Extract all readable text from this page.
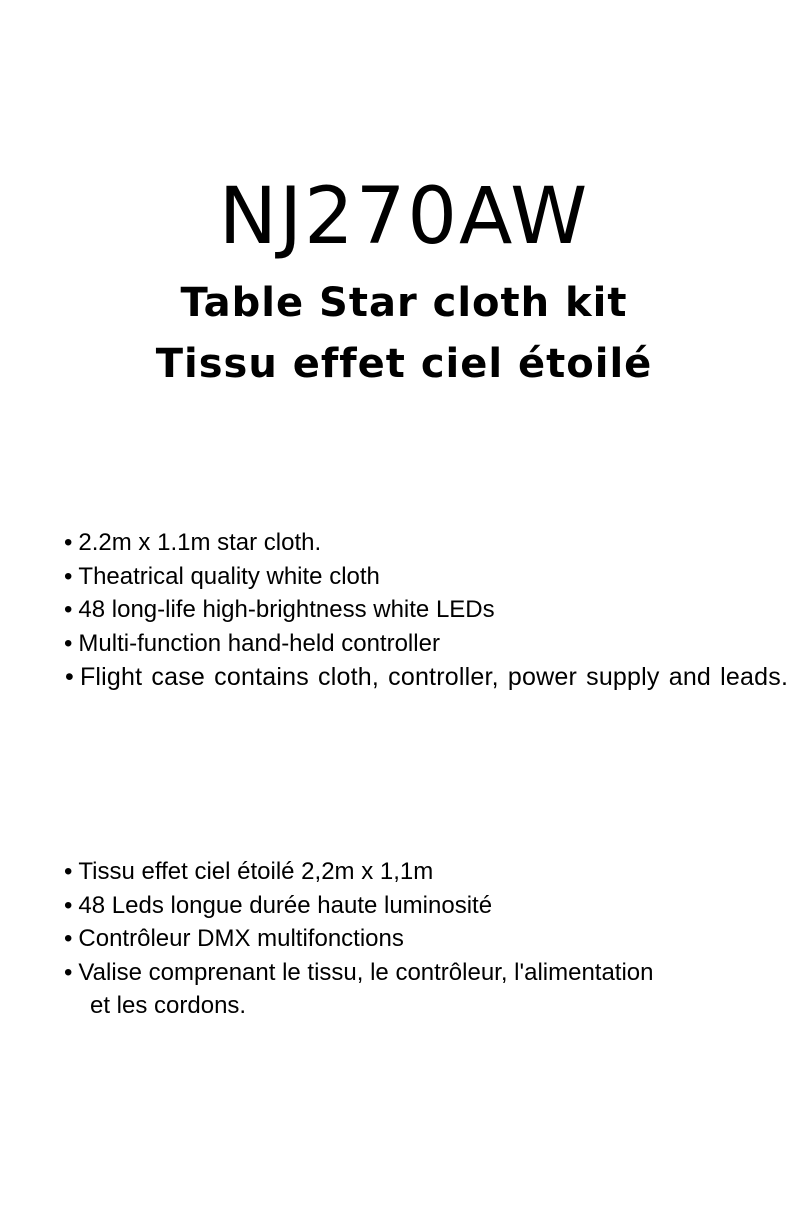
NJ270AW
Table Star cloth kit
Tissu effet ciel étoilé
• 2.2m x 1.1m star cloth.
• Theatrical quality white cloth
• 48 long-life high-brightness white LEDs
• Multi-function hand-held controller
• Flight case contains cloth, controller, power supply and leads.
• Tissu effet ciel étoilé 2,2m x 1,1m
• 48 Leds longue durée haute luminosité
• Contrôleur DMX multifonctions
• Valise comprenant le tissu, le contrôleur, l'alimentation
et les cordons.
